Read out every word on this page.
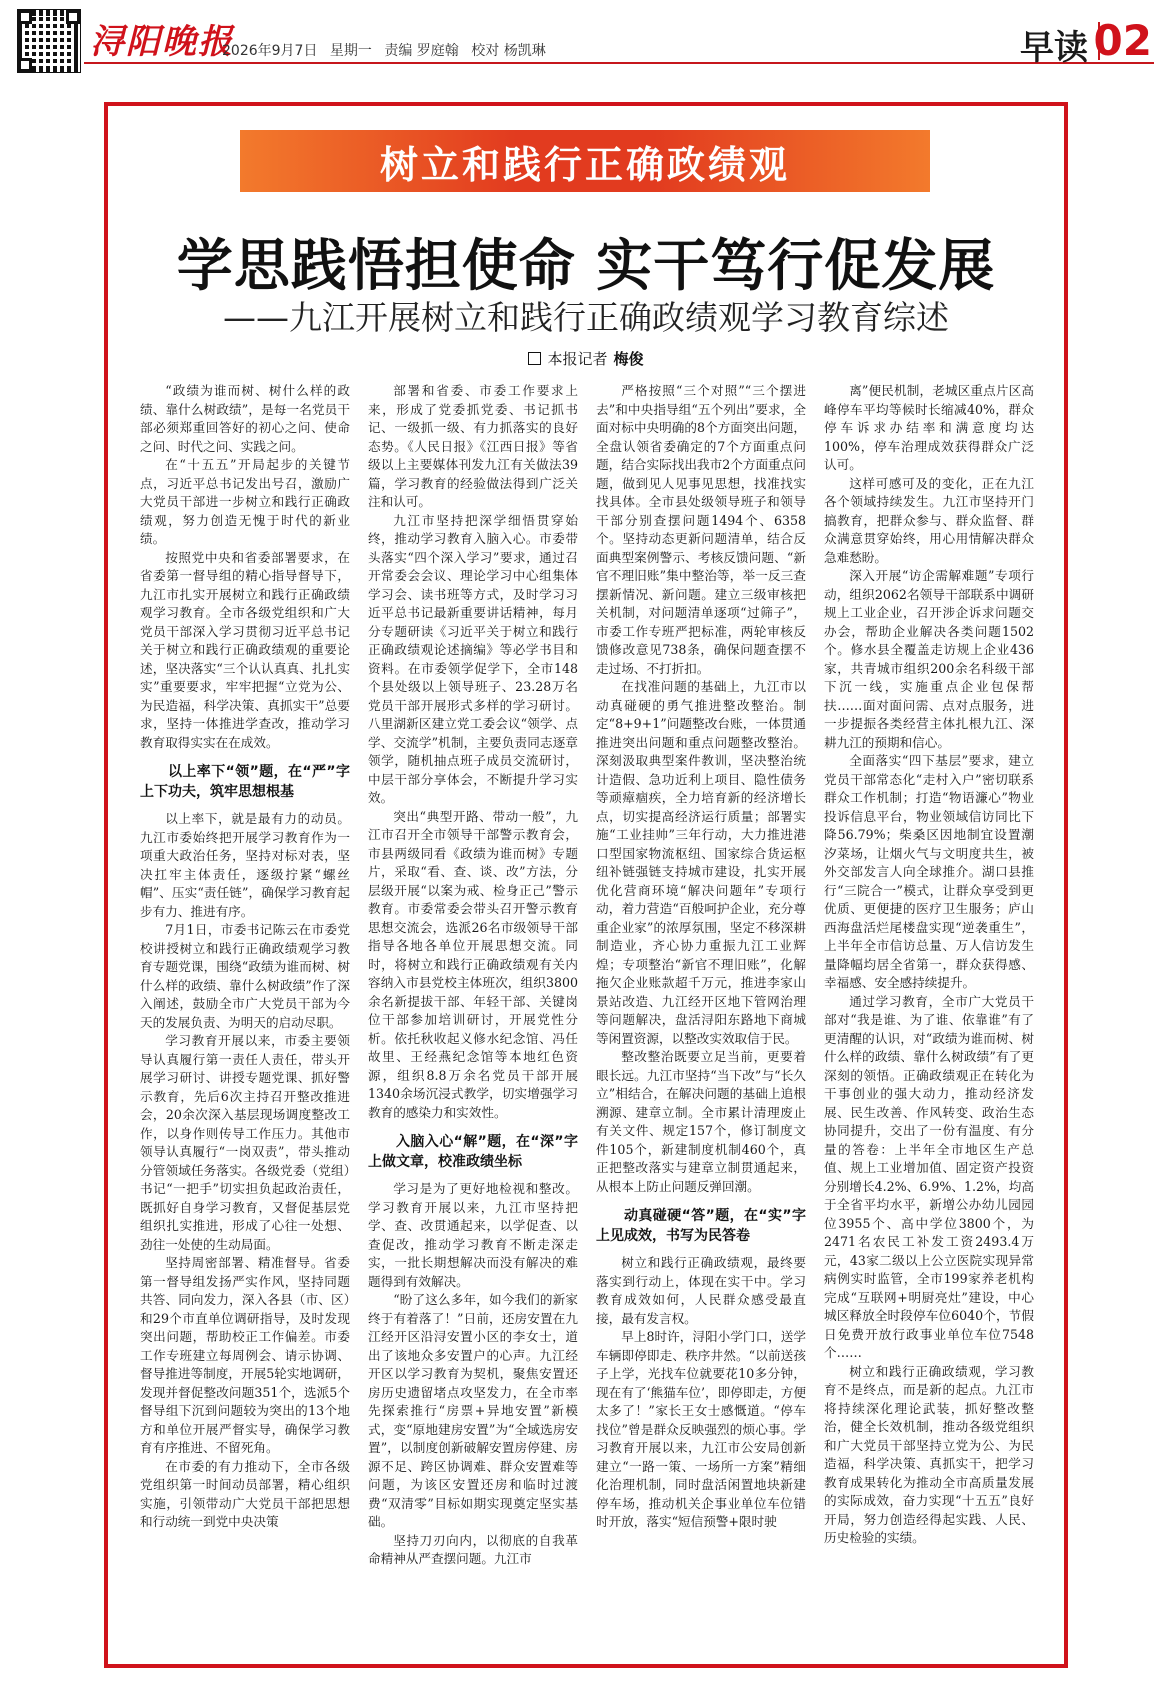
浔阳晚报
2026年9月7日 星期一 责编 罗庭翰 校对 杨凯琳	早读 02
树立和践行正确政绩观
学思践悟担使命 实干笃行促发展
——九江开展树立和践行正确政绩观学习教育综述
本报记者 梅俊

“政绩为谁而树、树什么样的政绩、靠什么树政绩”，是每一名党员干部必须郑重回答好的初心之问、使命之问、时代之问、实践之问。

在“十五五”开局起步的关键节点，习近平总书记发出号召，激励广大党员干部进一步树立和践行正确政绩观，努力创造无愧于时代的新业绩。

按照党中央和省委部署要求，在省委第一督导组的精心指导督导下，九江市扎实开展树立和践行正确政绩观学习教育。全市各级党组织和广大党员干部深入学习贯彻习近平总书记关于树立和践行正确政绩观的重要论述，坚决落实“三个认认真真、扎扎实实”重要要求，牢牢把握“立党为公、为民造福，科学决策、真抓实干”总要求，坚持一体推进学查改，推动学习教育取得实实在在成效。

以上率下“领”题，在“严”字上下功夫，筑牢思想根基

以上率下，就是最有力的动员。九江市委始终把开展学习教育作为一项重大政治任务，坚持对标对表，坚决扛牢主体责任，逐级拧紧“螺丝帽”、压实“责任链”，确保学习教育起步有力、推进有序。

7月1日，市委书记陈云在市委党校讲授树立和践行正确政绩观学习教育专题党课，围绕“政绩为谁而树、树什么样的政绩、靠什么树政绩”作了深入阐述，鼓励全市广大党员干部为今天的发展负责、为明天的启动尽职。

学习教育开展以来，市委主要领导认真履行第一责任人责任，带头开展学习研讨、讲授专题党课、抓好警示教育，先后6次主持召开整改推进会，20余次深入基层现场调度整改工作，以身作则传导工作压力。其他市领导认真履行“一岗双责”，带头推动分管领域任务落实。各级党委（党组）书记“一把手”切实担负起政治责任，既抓好自身学习教育，又督促基层党组织扎实推进，形成了心往一处想、劲往一处使的生动局面。

坚持周密部署、精准督导。省委第一督导组发扬严实作风，坚持同题共答、同向发力，深入各县（市、区）和29个市直单位调研指导，及时发现突出问题，帮助校正工作偏差。市委工作专班建立每周例会、请示协调、督导推进等制度，开展5轮实地调研，发现并督促整改问题351个，选派5个督导组下沉到问题较为突出的13个地方和单位开展严督实导，确保学习教育有序推进、不留死角。

在市委的有力推动下，全市各级党组织第一时间动员部署，精心组织实施，引领带动广大党员干部把思想和行动统一到党中央决策

部署和省委、市委工作要求上来，形成了党委抓党委、书记抓书记、一级抓一级、有力抓落实的良好态势。《人民日报》《江西日报》等省级以上主要媒体刊发九江有关做法39篇，学习教育的经验做法得到广泛关注和认可。

九江市坚持把深学细悟贯穿始终，推动学习教育入脑入心。市委带头落实“四个深入学习”要求，通过召开常委会会议、理论学习中心组集体学习会、读书班等方式，及时学习习近平总书记最新重要讲话精神，每月分专题研读《习近平关于树立和践行正确政绩观论述摘编》等必学书目和资料。在市委领学促学下，全市148个县处级以上领导班子、23.28万名党员干部开展形式多样的学习研讨。八里湖新区建立党工委会议“领学、点学、交流学”机制，主要负责同志逐章领学，随机抽点班子成员交流研讨，中层干部分享体会，不断提升学习实效。

突出“典型开路、带动一般”，九江市召开全市领导干部警示教育会，市县两级同看《政绩为谁而树》专题片，采取“看、查、谈、改”方法，分层级开展“以案为戒、检身正己”警示教育。市委常委会带头召开警示教育思想交流会，选派26名市级领导干部指导各地各单位开展思想交流。同时，将树立和践行正确政绩观有关内容纳入市县党校主体班次，组织3800余名新提拔干部、年轻干部、关键岗位干部参加培训研讨，开展党性分析。依托秋收起义修水纪念馆、冯任故里、王经燕纪念馆等本地红色资源，组织8.8万余名党员干部开展1340余场沉浸式教学，切实增强学习教育的感染力和实效性。

入脑入心“解”题，在“深”字上做文章，校准政绩坐标

学习是为了更好地检视和整改。学习教育开展以来，九江市坚持把学、查、改贯通起来，以学促查、以查促改，推动学习教育不断走深走实，一批长期想解决而没有解决的难题得到有效解决。

“盼了这么多年，如今我们的新家终于有着落了！”日前，还房安置在九江经开区沿浔安置小区的李女士，道出了该地众多安置户的心声。九江经开区以学习教育为契机，聚焦安置还房历史遗留堵点攻坚发力，在全市率先探索推行“房票+异地安置”新模式，变“原地建房安置”为“全域选房安置”，以制度创新破解安置房停建、房源不足、跨区协调难、群众安置难等问题，为该区安置还房和临时过渡费“双清零”目标如期实现奠定坚实基础。

坚持刀刃向内，以彻底的自我革命精神从严查摆问题。九江市

严格按照“三个对照”“三个摆进去”和中央指导组“五个列出”要求，全面对标中央明确的8个方面突出问题，全盘认领省委确定的7个方面重点问题，结合实际找出我市2个方面重点问题，做到见人见事见思想，找准找实找具体。全市县处级领导班子和领导干部分别查摆问题1494个、6358个。坚持动态更新问题清单，结合反面典型案例警示、考核反馈问题、“新官不理旧账”集中整治等，举一反三查摆新情况、新问题。建立三级审核把关机制，对问题清单逐项“过筛子”，市委工作专班严把标准，两轮审核反馈修改意见738条，确保问题查摆不走过场、不打折扣。

在找准问题的基础上，九江市以动真碰硬的勇气推进整改整治。制定“8+9+1”问题整改台账，一体贯通推进突出问题和重点问题整改整治。深刻汲取典型案件教训，坚决整治统计造假、急功近利上项目、隐性债务等顽瘴痼疾，全力培育新的经济增长点，切实提高经济运行质量；部署实施“工业挂帅”三年行动，大力推进港口型国家物流枢纽、国家综合货运枢纽补链强链支持城市建设，扎实开展优化营商环境“解决问题年”专项行动，着力营造“百般呵护企业，充分尊重企业家”的浓厚氛围，坚定不移深耕制造业，齐心协力重振九江工业辉煌；专项整治“新官不理旧账”，化解拖欠企业账款超千万元，推进李家山景站改造、九江经开区地下管网治理等问题解决，盘活浔阳东路地下商城等闲置资源，以整改实效取信于民。

整改整治既要立足当前，更要着眼长远。九江市坚持“当下改”与“长久立”相结合，在解决问题的基础上追根溯源、建章立制。全市累计清理废止有关文件、规定157个，修订制度文件105个，新建制度机制460个，真正把整改落实与建章立制贯通起来，从根本上防止问题反弹回潮。

动真碰硬“答”题，在“实”字上见成效，书写为民答卷

树立和践行正确政绩观，最终要落实到行动上，体现在实干中。学习教育成效如何，人民群众感受最直接，最有发言权。

早上8时许，浔阳小学门口，送学车辆即停即走、秩序井然。“以前送孩子上学，光找车位就要花10多分钟，现在有了‘熊猫车位’，即停即走，方便太多了！”家长王女士感慨道。“停车找位”曾是群众反映强烈的烦心事。学习教育开展以来，九江市公安局创新建立“一路一策、一场所一方案”精细化治理机制，同时盘活闲置地块新建停车场，推动机关企事业单位车位错时开放，落实“短信预警+限时驶

离”便民机制，老城区重点片区高峰停车平均等候时长缩减40%，群众停车诉求办结率和满意度均达100%，停车治理成效获得群众广泛认可。

这样可感可及的变化，正在九江各个领域持续发生。九江市坚持开门搞教育，把群众参与、群众监督、群众满意贯穿始终，用心用情解决群众急难愁盼。

深入开展“访企需解难题”专项行动，组织2062名领导干部联系中调研规上工业企业，召开涉企诉求问题交办会，帮助企业解决各类问题1502个。修水县全覆盖走访规上企业436家，共青城市组织200余名科级干部下沉一线，实施重点企业包保帮扶……面对面问需、点对点服务，进一步提振各类经营主体扎根九江、深耕九江的预期和信心。

全面落实“四下基层”要求，建立党员干部常态化“走村入户”密切联系群众工作机制；打造“物语濂心”物业投诉信息平台，物业领域信访同比下降56.79%；柴桑区因地制宜设置潮汐菜场，让烟火气与文明度共生，被外交部发言人向全球推介。湖口县推行“三院合一”模式，让群众享受到更优质、更便捷的医疗卫生服务；庐山西海盘活烂尾楼盘实现“逆袭重生”，上半年全市信访总量、万人信访发生量降幅均居全省第一，群众获得感、幸福感、安全感持续提升。

通过学习教育，全市广大党员干部对“我是谁、为了谁、依靠谁”有了更清醒的认识，对“政绩为谁而树、树什么样的政绩、靠什么树政绩”有了更深刻的领悟。正确政绩观正在转化为干事创业的强大动力，推动经济发展、民生改善、作风转变、政治生态协同提升，交出了一份有温度、有分量的答卷：上半年全市地区生产总值、规上工业增加值、固定资产投资分别增长4.2%、6.9%、1.2%，均高于全省平均水平，新增公办幼儿园园位3955个、高中学位3800个，为2471名农民工补发工资2493.4万元，43家二级以上公立医院实现异常病例实时监管，全市199家养老机构完成“互联网+明厨亮灶”建设，中心城区释放全时段停车位6040个，节假日免费开放行政事业单位车位7548个……

树立和践行正确政绩观，学习教育不是终点，而是新的起点。九江市将持续深化理论武装，抓好整改整治，健全长效机制，推动各级党组织和广大党员干部坚持立党为公、为民造福，科学决策、真抓实干，把学习教育成果转化为推动全市高质量发展的实际成效，奋力实现“十五五”良好开局，努力创造经得起实践、人民、历史检验的实绩。
